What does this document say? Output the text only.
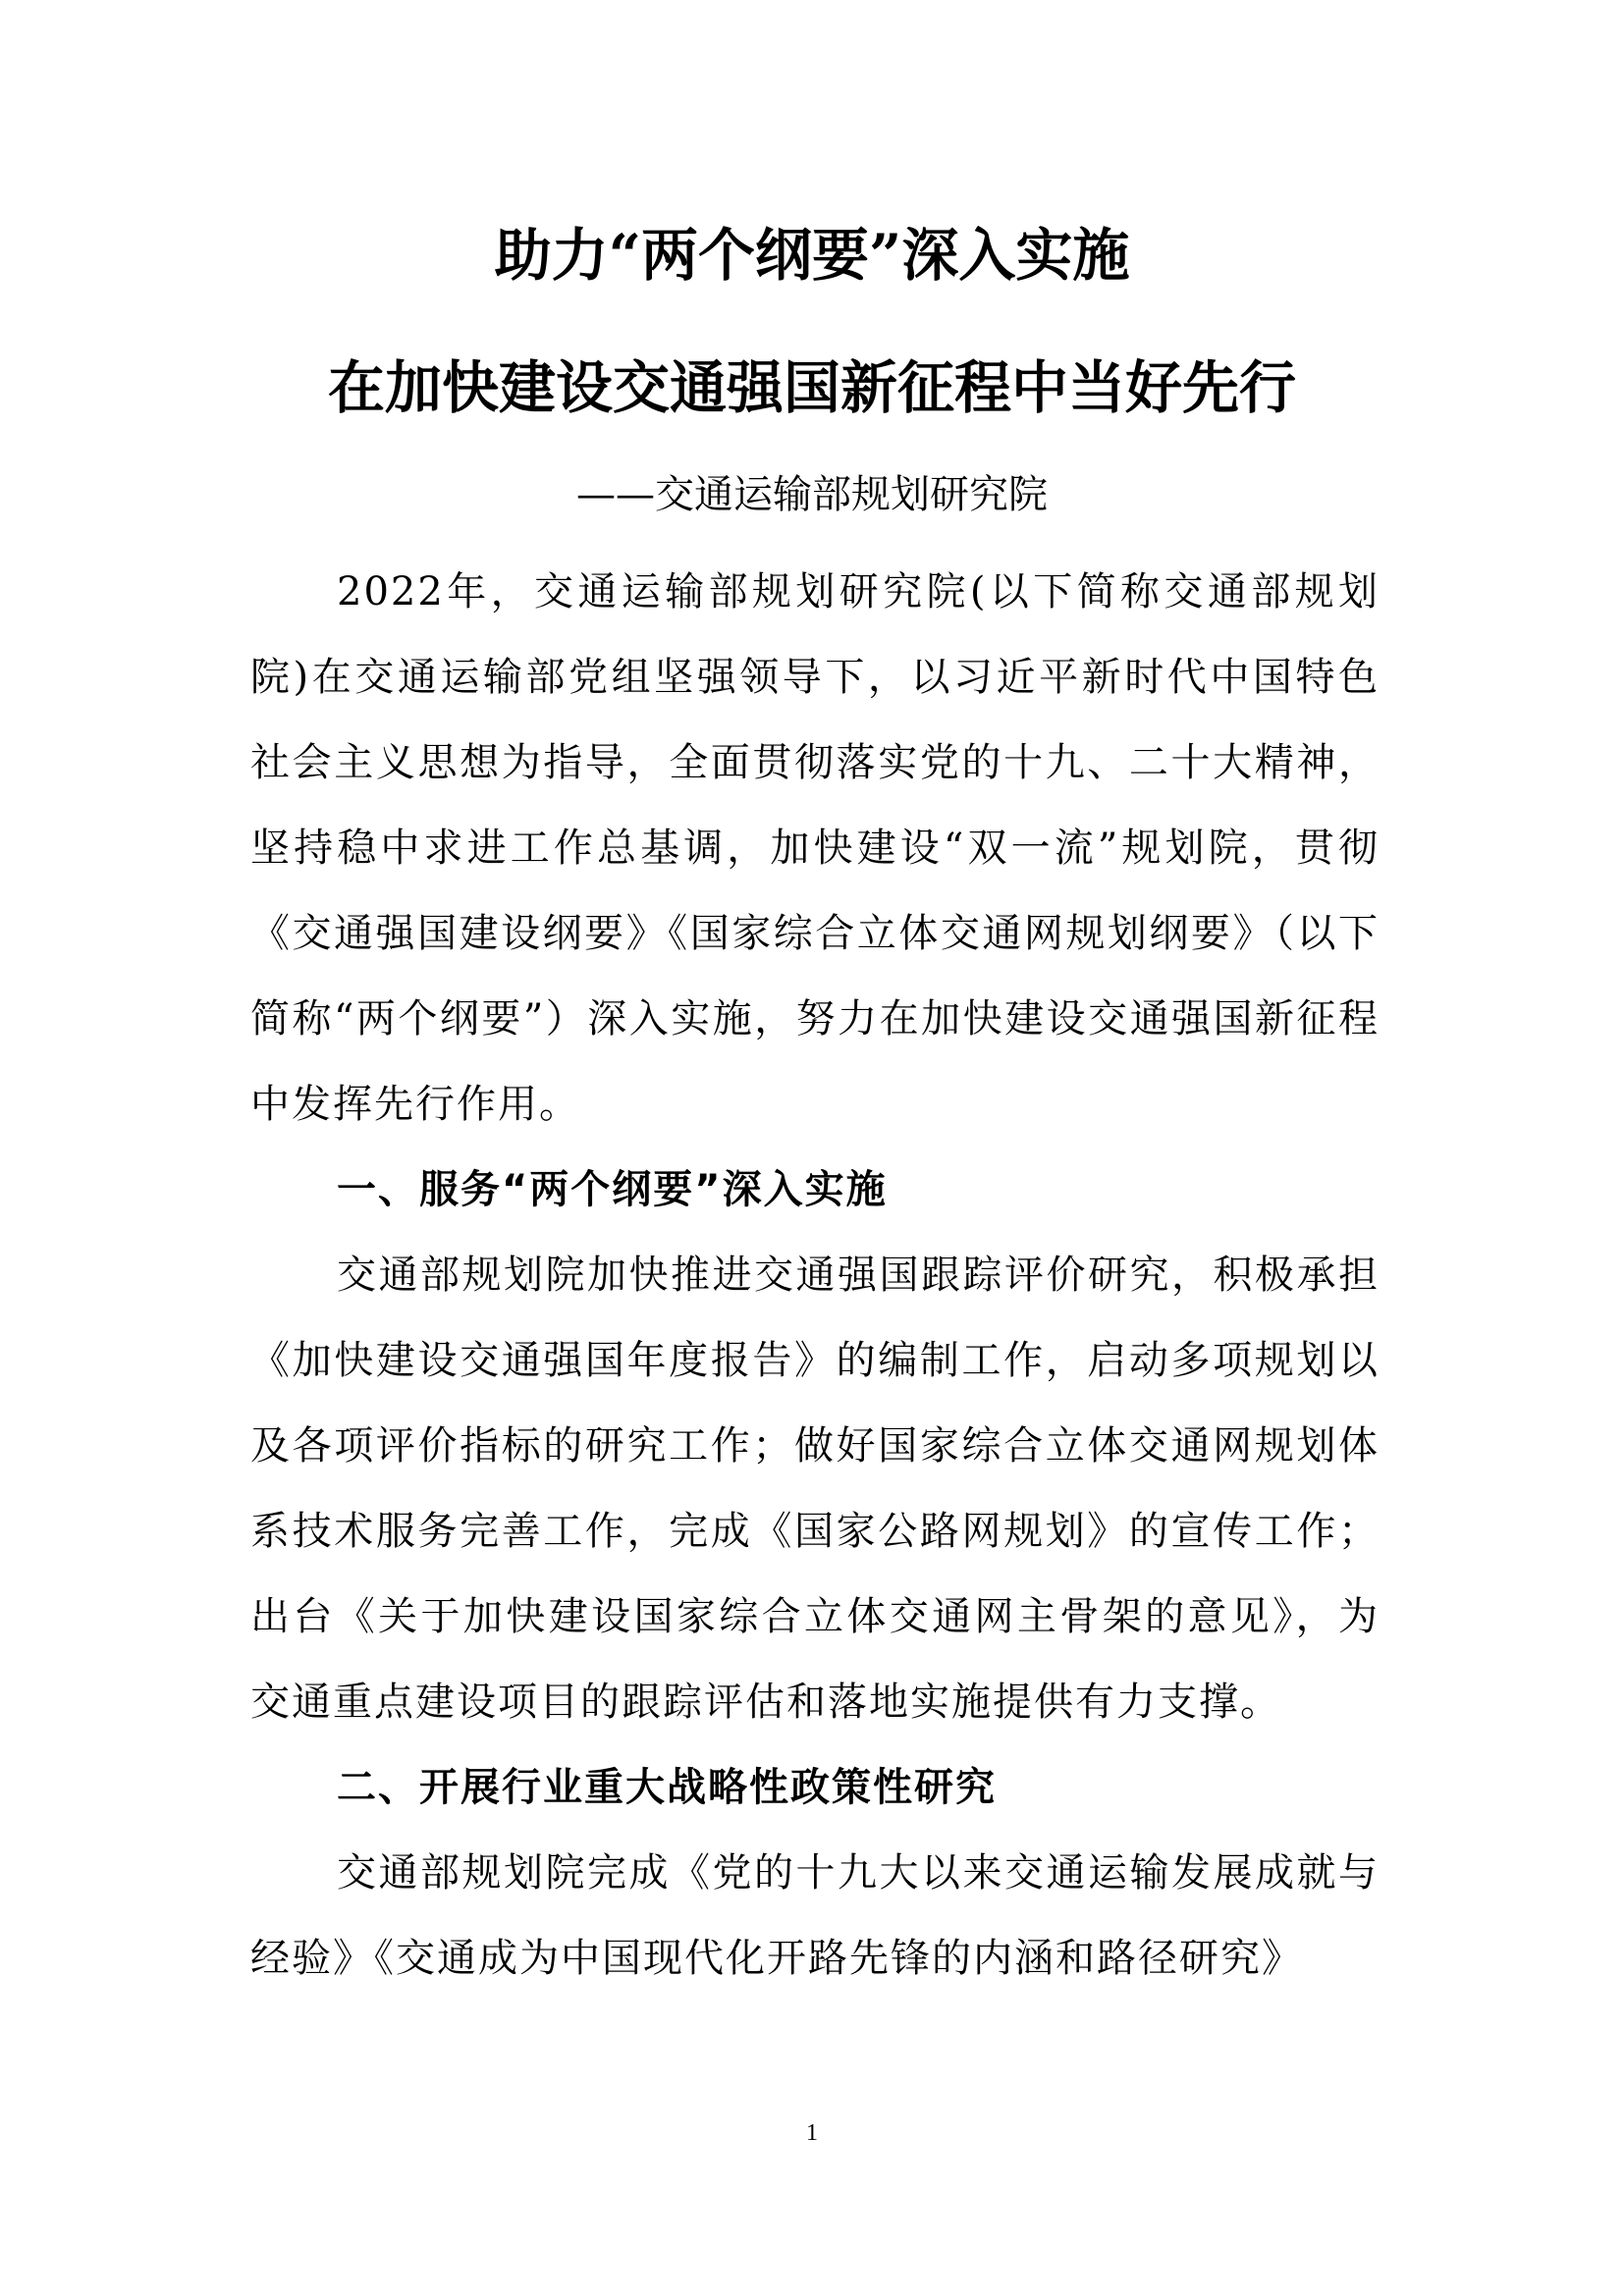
助力“两个纲要”深入实施
在加快建设交通强国新征程中当好先行
——交通运输部规划研究院

2022年，交通运输部规划研究院(以下简称交通部规划院)在交通运输部党组坚强领导下，以习近平新时代中国特色社会主义思想为指导，全面贯彻落实党的十九、二十大精神，坚持稳中求进工作总基调，加快建设“双一流”规划院，贯彻《交通强国建设纲要》《国家综合立体交通网规划纲要》（以下简称“两个纲要”）深入实施，努力在加快建设交通强国新征程中发挥先行作用。

一、服务“两个纲要”深入实施

交通部规划院加快推进交通强国跟踪评价研究，积极承担《加快建设交通强国年度报告》的编制工作，启动多项规划以及各项评价指标的研究工作；做好国家综合立体交通网规划体系技术服务完善工作，完成《国家公路网规划》的宣传工作； 出台《关于加快建设国家综合立体交通网主骨架的意见》，为交通重点建设项目的跟踪评估和落地实施提供有力支撑。

二、开展行业重大战略性政策性研究

交通部规划院完成《党的十九大以来交通运输发展成就与经验》《交通成为中国现代化开路先锋的内涵和路径研究》

1
